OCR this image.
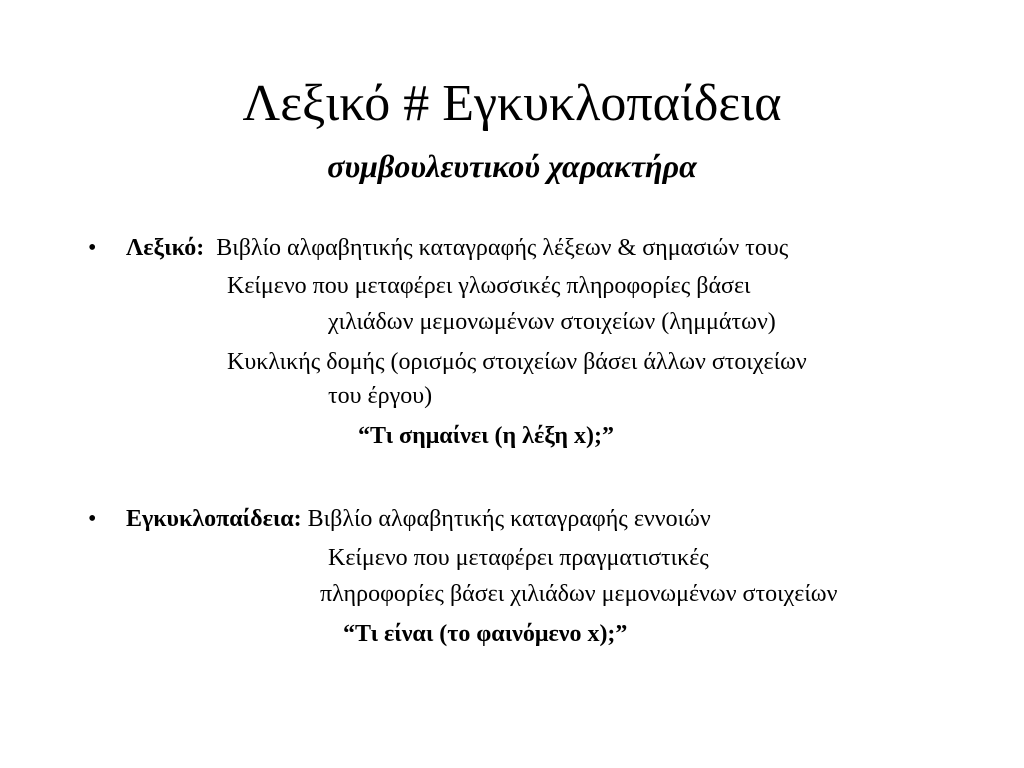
Λεξικό # Εγκυκλοπαίδεια
συμβουλευτικού χαρακτήρα
• Λεξικό: Βιβλίο αλφαβητικής καταγραφής λέξεων & σημασιών τους
Κείμενο που μεταφέρει γλωσσικές πληροφορίες βάσει
χιλιάδων μεμονωμένων στοιχείων (λημμάτων)
Κυκλικής δομής (ορισμός στοιχείων βάσει άλλων στοιχείων
του έργου)
“Τι σημαίνει (η λέξη x);”
• Εγκυκλοπαίδεια: Βιβλίο αλφαβητικής καταγραφής εννοιών
Κείμενο που μεταφέρει πραγματιστικές
πληροφορίες βάσει χιλιάδων μεμονωμένων στοιχείων
“Τι είναι (το φαινόμενο x);”
